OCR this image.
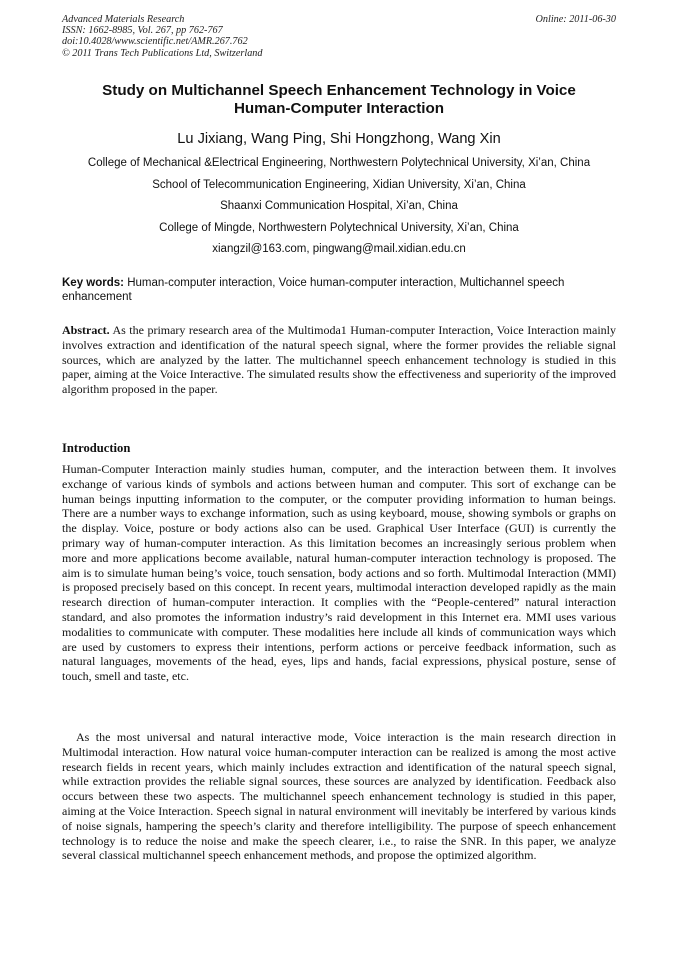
Advanced Materials Research
ISSN: 1662-8985, Vol. 267, pp 762-767
doi:10.4028/www.scientific.net/AMR.267.762
© 2011 Trans Tech Publications Ltd, Switzerland
Online: 2011-06-30
Study on Multichannel Speech Enhancement Technology in Voice
Human-Computer Interaction
Lu Jixiang, Wang Ping, Shi Hongzhong, Wang Xin
College of Mechanical &Electrical Engineering, Northwestern Polytechnical University, Xi’an, China
School of Telecommunication Engineering, Xidian University, Xi’an, China
Shaanxi Communication Hospital, Xi’an, China
College of Mingde, Northwestern Polytechnical University, Xi’an, China
xiangzil@163.com, pingwang@mail.xidian.edu.cn
Key words: Human-computer interaction, Voice human-computer interaction, Multichannel speech enhancement
Abstract. As the primary research area of the Multimoda1 Human-computer Interaction, Voice Interaction mainly involves extraction and identification of the natural speech signal, where the former provides the reliable signal sources, which are analyzed by the latter. The multichannel speech enhancement technology is studied in this paper, aiming at the Voice Interactive. The simulated results show the effectiveness and superiority of the improved algorithm proposed in the paper.
Introduction

Human-Computer Interaction mainly studies human, computer, and the interaction between them. It involves exchange of various kinds of symbols and actions between human and computer. This sort of exchange can be human beings inputting information to the computer, or the computer providing information to human beings. There are a number ways to exchange information, such as using keyboard, mouse, showing symbols or graphs on the display. Voice, posture or body actions also can be used. Graphical User Interface (GUI) is currently the primary way of human-computer interaction. As this limitation becomes an increasingly serious problem when more and more applications become available, natural human-computer interaction technology is proposed. The aim is to simulate human being’s voice, touch sensation, body actions and so forth. Multimodal Interaction (MMI) is proposed precisely based on this concept. In recent years, multimodal interaction developed rapidly as the main research direction of human-computer interaction. It complies with the “People-centered” natural interaction standard, and also promotes the information industry’s raid development in this Internet era. MMI uses various modalities to communicate with computer. These modalities here include all kinds of communication ways which are used by customers to express their intentions, perform actions or perceive feedback information, such as natural languages, movements of the head, eyes, lips and hands, facial expressions, physical posture, sense of touch, smell and taste, etc.

As the most universal and natural interactive mode, Voice interaction is the main research direction in Multimodal interaction. How natural voice human-computer interaction can be realized is among the most active research fields in recent years, which mainly includes extraction and identification of the natural speech signal, while extraction provides the reliable signal sources, these sources are analyzed by identification. Feedback also occurs between these two aspects. The multichannel speech enhancement technology is studied in this paper, aiming at the Voice Interaction. Speech signal in natural environment will inevitably be interfered by various kinds of noise signals, hampering the speech’s clarity and therefore intelligibility. The purpose of speech enhancement technology is to reduce the noise and make the speech clearer, i.e., to raise the SNR. In this paper, we analyze several classical multichannel speech enhancement methods, and propose the optimized algorithm.
